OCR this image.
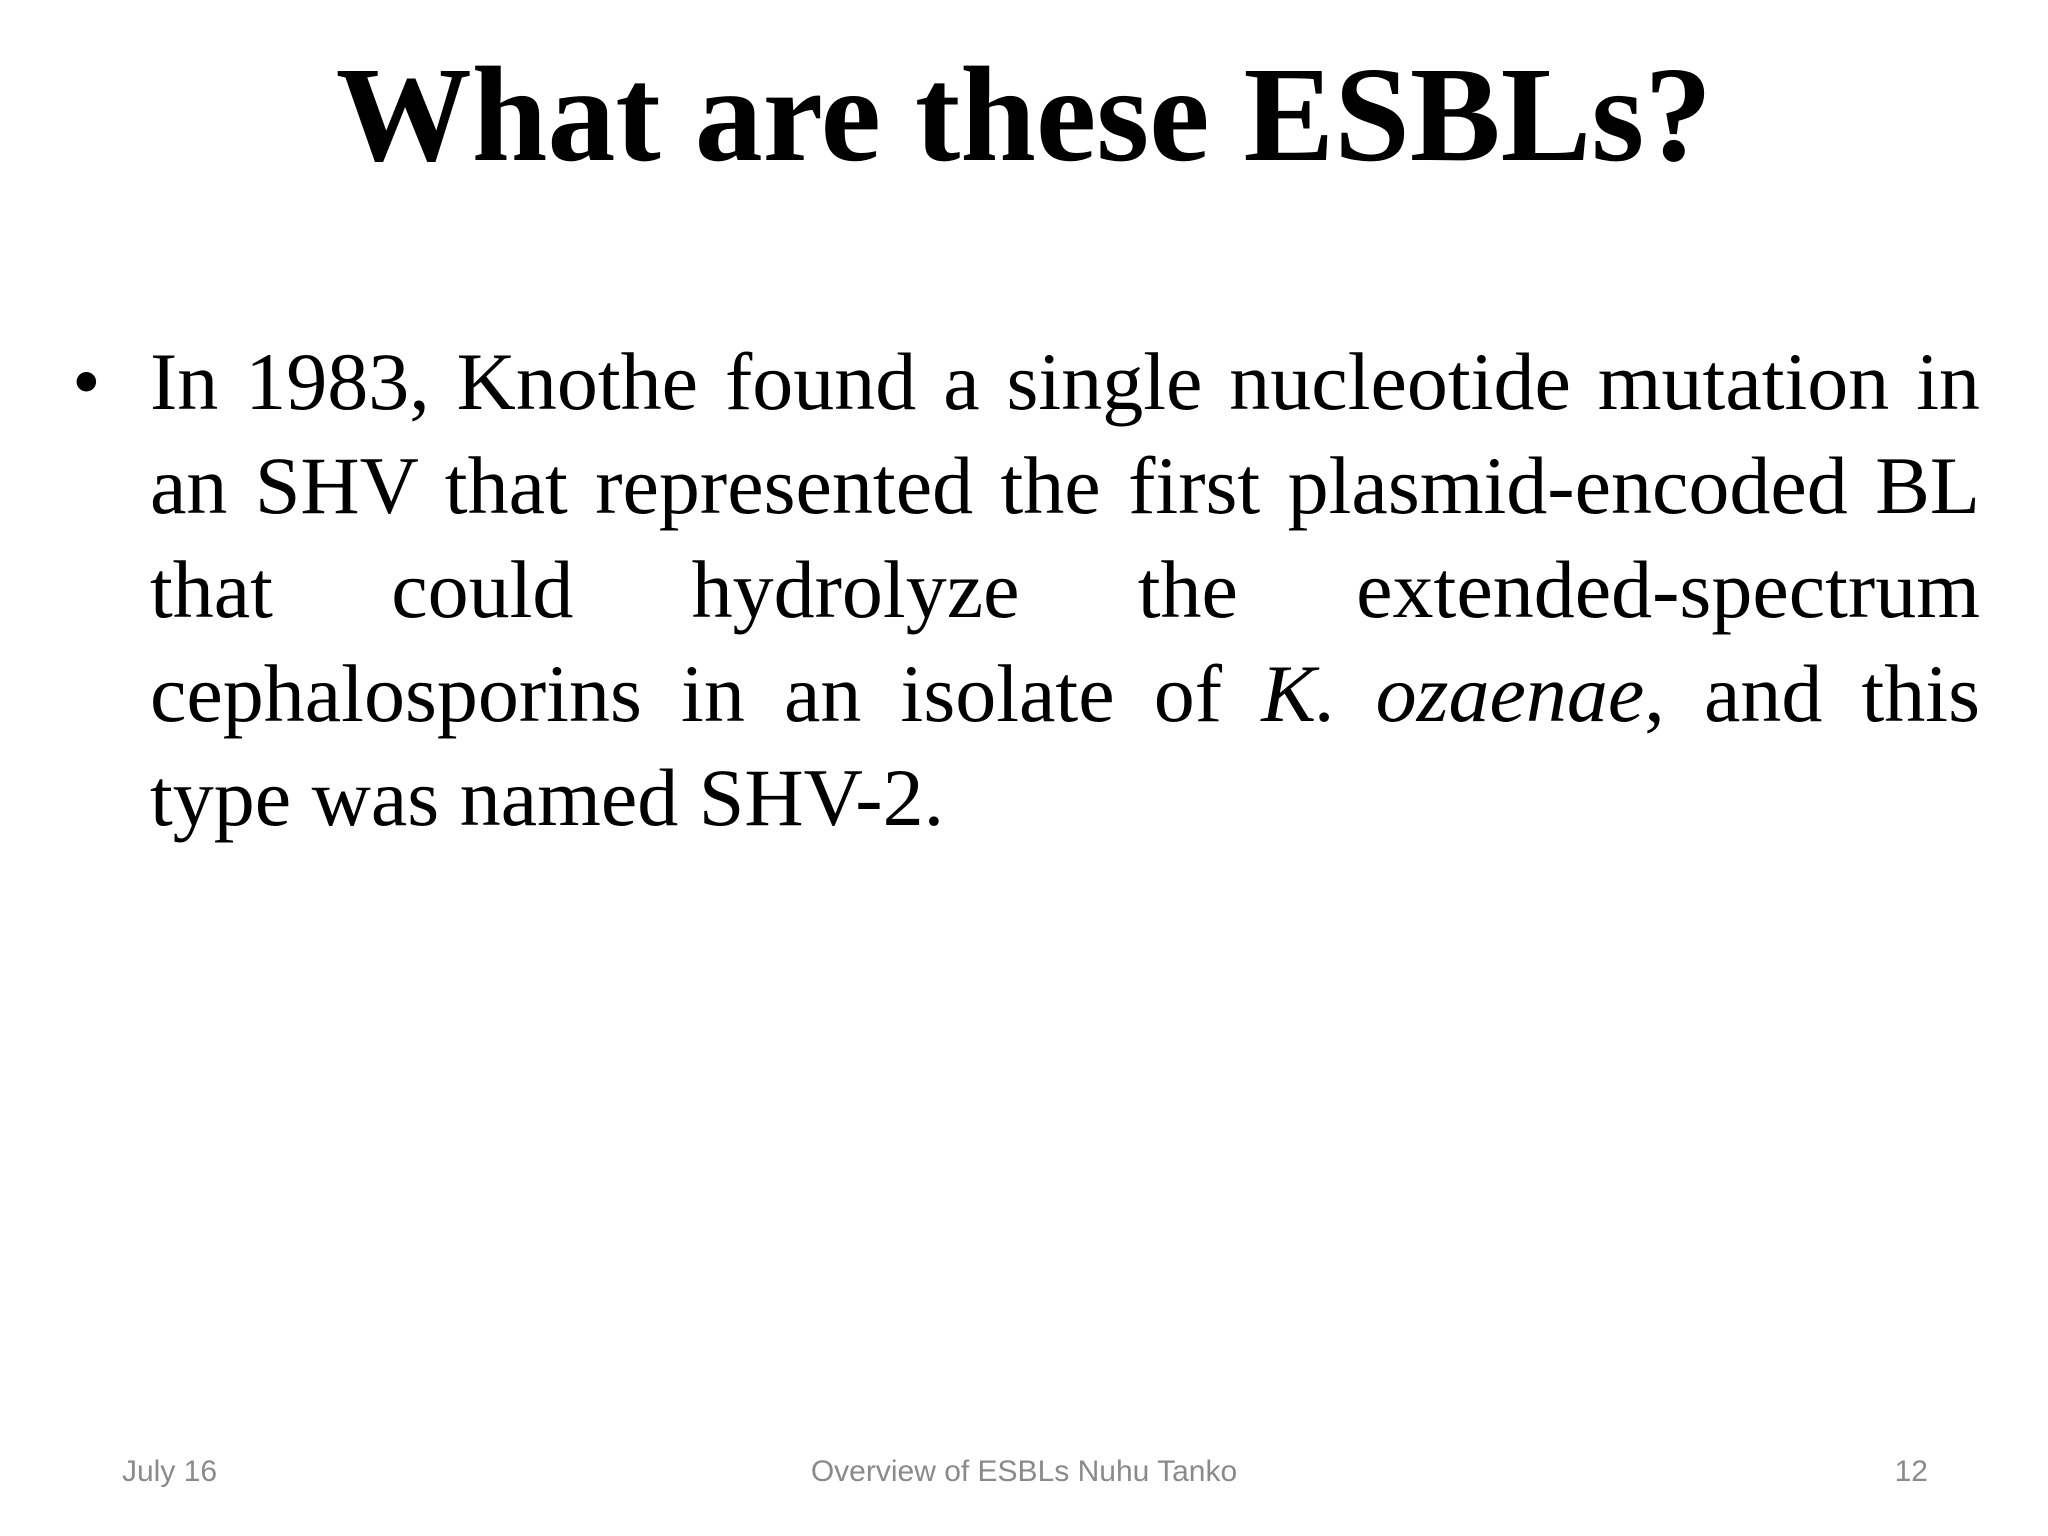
What are these ESBLs?
• In 1983, Knothe found a single nucleotide mutation in an SHV that represented the first plasmid-encoded BL that could hydrolyze the extended-spectrum cephalosporins in an isolate of K. ozaenae, and this type was named SHV-2.
July 16	Overview of ESBLs Nuhu Tanko	12
